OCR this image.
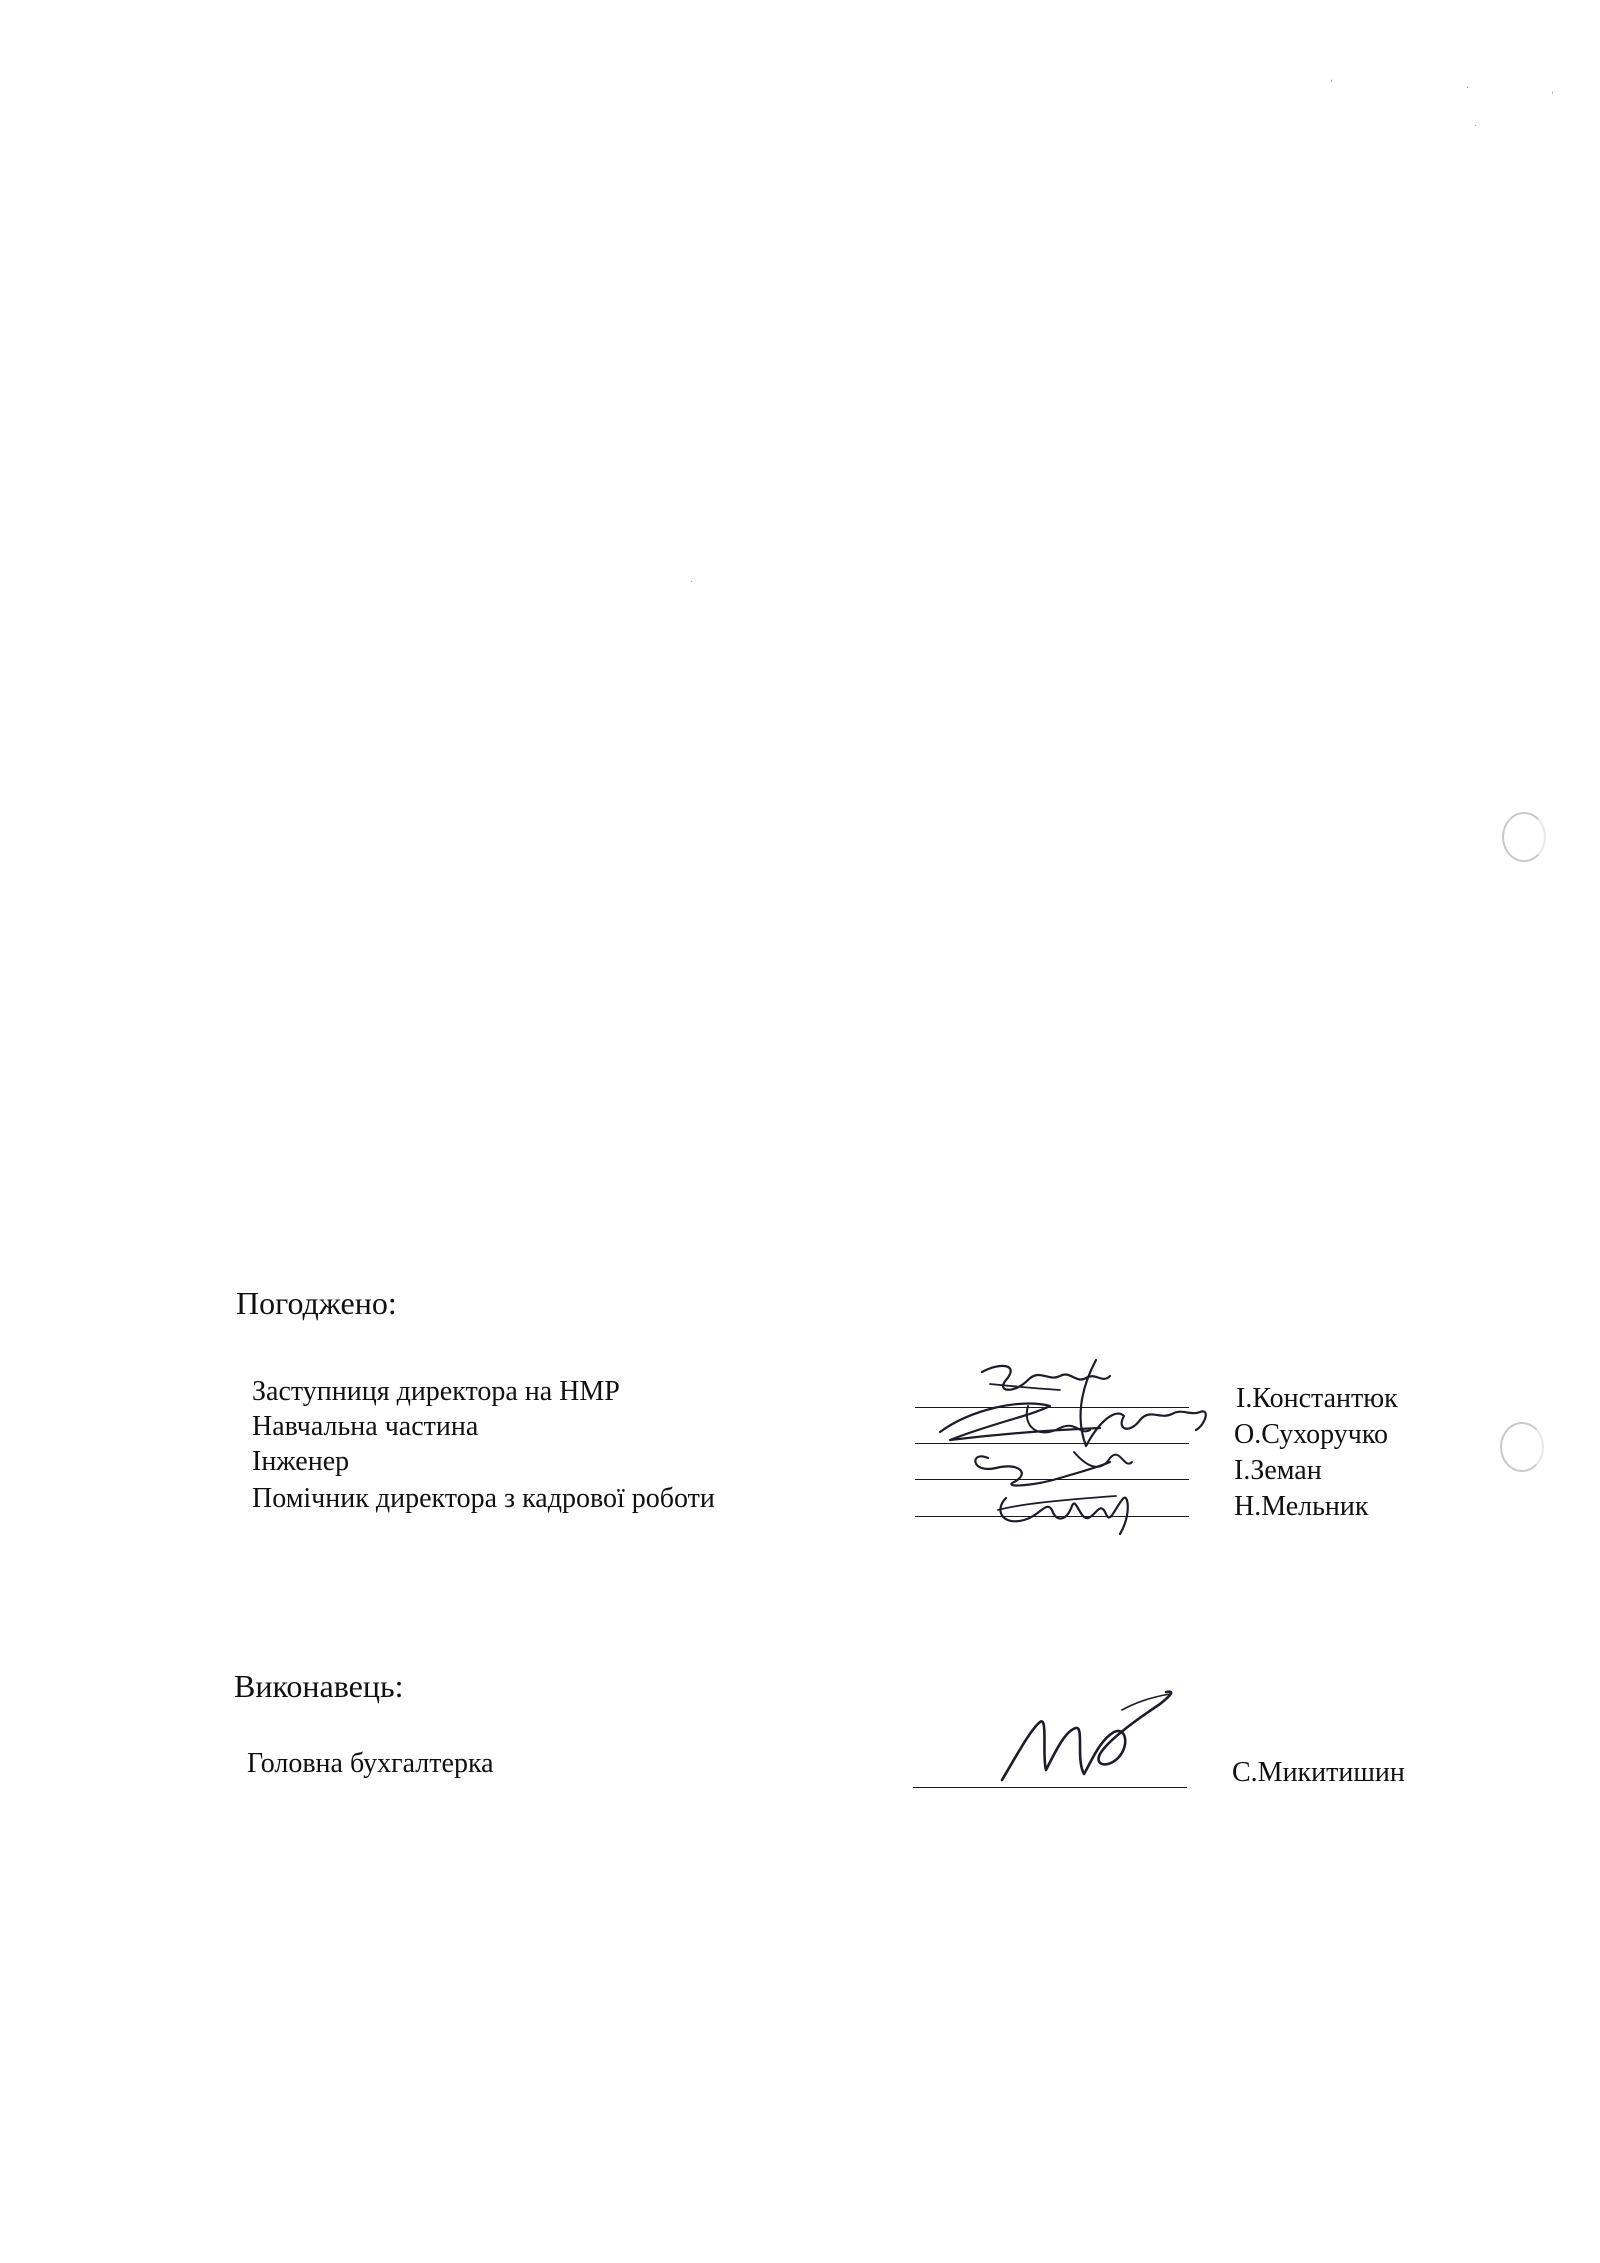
ʼ	·
ˈ
·
·
Погоджено:
Заступниця директора на НМР
Навчальна частина
Інженер
Помічник директора з кадрової роботи
І.Константюк
О.Сухоручко
І.Земан
Н.Мельник
Виконавець:
Головна бухгалтерка	С.Микитишин
